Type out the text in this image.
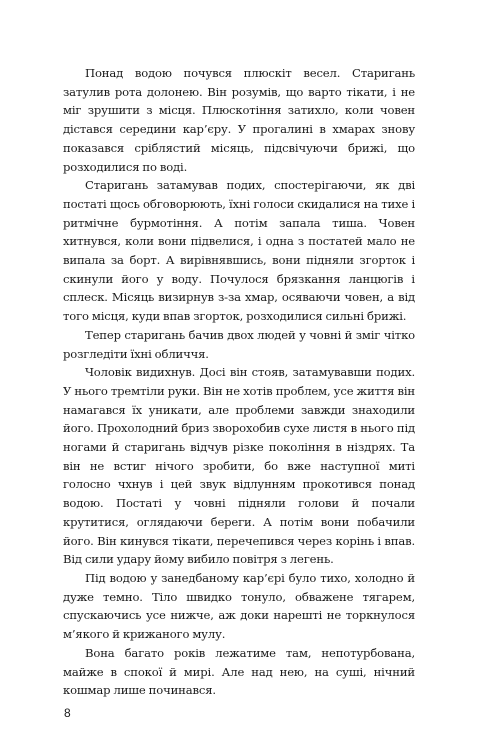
Понад водою почувся плюскіт весел. Старигань затулив рота долонею. Він розумів, що варто тікати, і не міг зрушити з місця. Плюскотіння затихло, коли човен дістався середини кар’єру. У прогалині в хмарах знову показався сріблястий місяць, підсвічуючи брижі, що розходилися по воді.

Старигань затамував подих, спостерігаючи, як дві постаті щось обговорюють, їхні голоси скидалися на тихе і ритмічне бурмотіння. А потім запала тиша. Човен хитнувся, коли вони підвелися, і одна з постатей мало не випала за борт. А вирівнявшись, вони підняли згорток і скинули його у воду. Почулося брязкання ланцюгів і сплеск. Місяць визирнув з-за хмар, осяваючи човен, а від того місця, куди впав згорток, розходилися сильні брижі.

Тепер старигань бачив двох людей у човні й зміг чітко розгледіти їхні обличчя.

Чоловік видихнув. Досі він стояв, затамувавши подих. У нього тремтіли руки. Він не хотів проблем, усе життя він намагався їх уникати, але проблеми завжди знаходили його. Прохолодний бриз зворохобив сухе листя в нього під ногами й старигань відчув різке покоління в ніздрях. Та він не встиг нічого зробити, бо вже наступної миті голосно чхнув і цей звук відлунням прокотився понад водою. Постаті у човні підняли голови й почали крутитися, оглядаючи береги. А потім вони побачили його. Він кинувся тікати, перечепився через корінь і впав. Від сили удару йому вибило повітря з легень.

Під водою у занедбаному кар’єрі було тихо, холодно й дуже темно. Тіло швидко тонуло, обважене тягарем, спускаючись усе нижче, аж доки нарешті не торкнулося м’якого й крижаного мулу.

Вона багато років лежатиме там, непотурбована, майже в спокої й мирі. Але над нею, на суші, нічний кошмар лише починався.

8
